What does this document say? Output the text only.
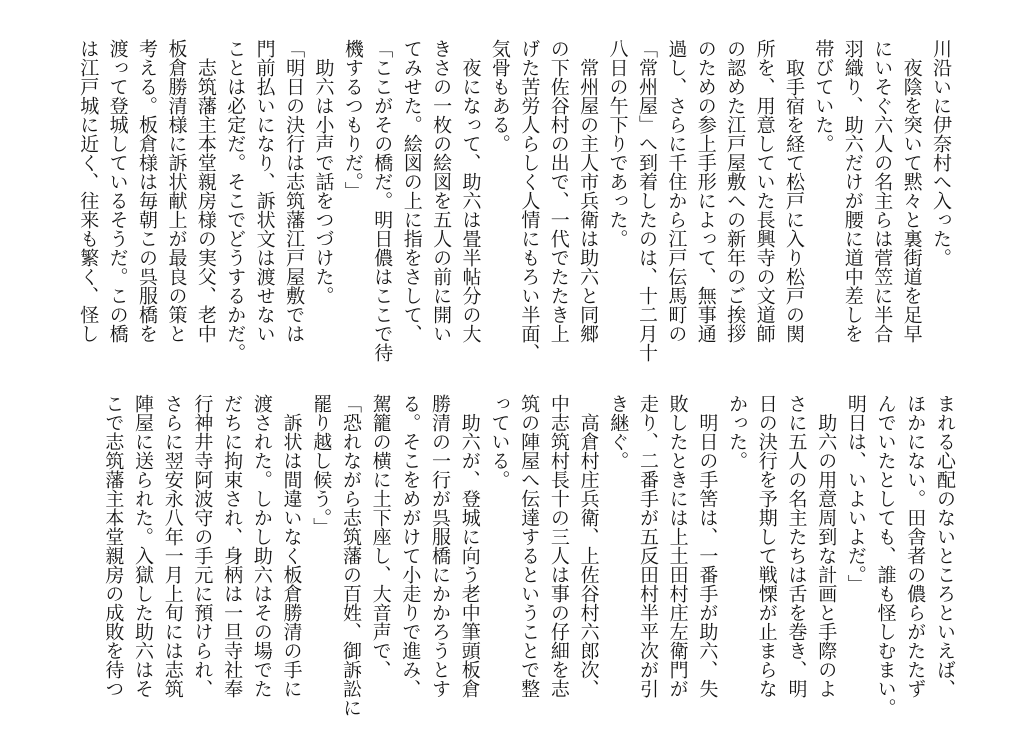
川沿いに伊奈村へ入った。
　夜陰を突いて黙々と裏街道を足早
にいそぐ六人の名主らは菅笠に半合
羽織り、助六だけが腰に道中差しを
帯びていた。
　取手宿を経て松戸に入り松戸の関
所を、用意していた長興寺の文道師
の認めた江戸屋敷への新年のご挨拶
のための参上手形によって、無事通
過し、さらに千住から江戸伝馬町の
「常州屋」へ到着したのは、十二月十
八日の午下りであった。
　常州屋の主人市兵衛は助六と同郷
の下佐谷村の出で、一代でたたき上
げた苦労人らしく人情にもろい半面、
気骨もある。
　夜になって、助六は畳半帖分の大
きさの一枚の絵図を五人の前に開い
てみせた。絵図の上に指をさして、
「ここがその橋だ。明日儂はここで待
機するつもりだ。」
　助六は小声で話をつづけた。
「明日の決行は志筑藩江戸屋敷では
門前払いになり、訴状文は渡せない
ことは必定だ。そこでどうするかだ。
　志筑藩主本堂親房様の実父、老中
板倉勝清様に訴状献上が最良の策と
考える。板倉様は毎朝この呉服橋を
渡って登城しているそうだ。この橋
は江戸城に近く、往来も繁く、怪し
まれる心配のないところといえば、
ほかにない。田舎者の儂らがたたず
んでいたとしても、誰も怪しむまい。
明日は、いよいよだ。」
　助六の用意周到な計画と手際のよ
さに五人の名主たちは舌を巻き、明
日の決行を予期して戦慄が止まらな
かった。
　明日の手筈は、一番手が助六、失
敗したときには上土田村庄左衛門が
走り、二番手が五反田村半平次が引
き継ぐ。
　高倉村庄兵衛、上佐谷村六郎次、
中志筑村長十の三人は事の仔細を志
筑の陣屋へ伝達するということで整
っている。
　助六が、登城に向う老中筆頭板倉
勝清の一行が呉服橋にかかろうとす
る。そこをめがけて小走りで進み、
駕籠の横に土下座し、大音声で、
「恐れながら志筑藩の百姓、御訴訟に
罷り越し候う。」
　訴状は間違いなく板倉勝清の手に
渡された。しかし助六はその場でた
だちに拘束され、身柄は一旦寺社奉
行神井寺阿波守の手元に預けられ、
さらに翌安永八年一月上旬には志筑
陣屋に送られた。入獄した助六はそ
こで志筑藩主本堂親房の成敗を待つ
